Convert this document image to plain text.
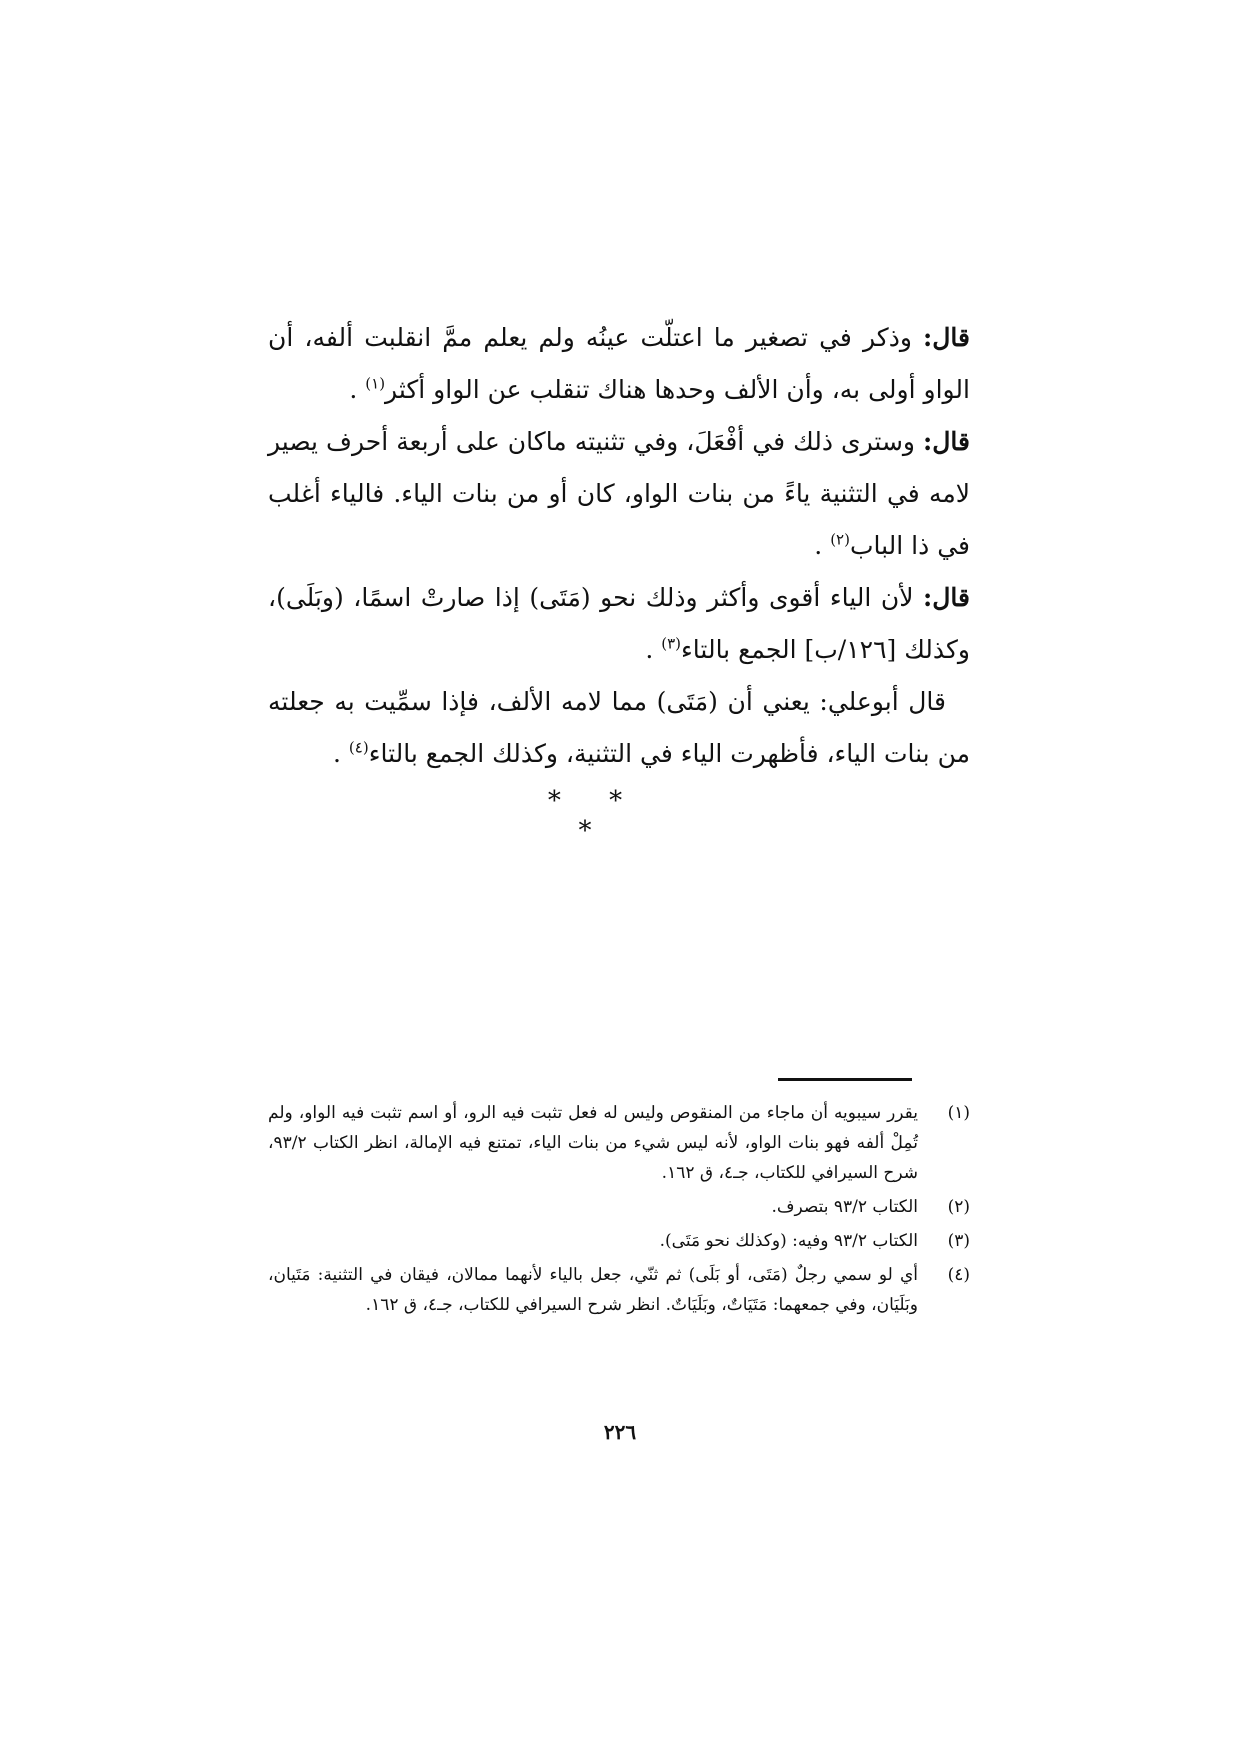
قال: وذكر في تصغير ما اعتلّت عينُه ولم يعلم ممَّ انقلبت ألفه، أن الواو أولى به، وأن الألف وحدها هناك تنقلب عن الواو أكثر$^{(١)}$ .

قال: وسترى ذلك في أفْعَلَ، وفي تثنيته ماكان على أربعة أحرف يصير لامه في التثنية ياءً من بنات الواو، كان أو من بنات الياء. فالياء أغلب في ذا الباب$^{(٢)}$ .

قال: لأن الياء أقوى وأكثر وذلك نحو (مَتَى) إذا صارتْ اسمًا، (وبَلَى)، وكذلك [١٢٦/ب] الجمع بالتاء$^{(٣)}$ .

قال أبوعلي: يعني أن (مَتَى) مما لامه الألف، فإذا سمِّيت به جعلته من بنات الياء، فأظهرت الياء في التثنية، وكذلك الجمع بالتاء$^{(٤)}$ .

* * *
(١)
يقرر سيبويه أن ماجاء من المنقوص وليس له فعل تثبت فيه الرو، أو اسم تثبت فيه الواو، ولم تُمِلْ ألفه فهو بنات الواو، لأنه ليس شيء من بنات الياء، تمتنع فيه الإمالة، انظر الكتاب ٩٣/٢، شرح السيرافي للكتاب، جـ٤، ق ١٦٢.
(٢)
الكتاب ٩٣/٢ بتصرف.
(٣)
الكتاب ٩٣/٢ وفيه: (وكذلك نحو مَتَى).
(٤)
أي لو سمي رجلٌ (مَتَى، أو بَلَى) ثم ثنّي، جعل بالياء لأنهما ممالان، فيقان في التثنية: مَتَيان، وبَلَيَان، وفي جمعهما: مَتَيَاتٌ، وبَلَيَاتٌ. انظر شرح السيرافي للكتاب، جـ٤، ق ١٦٢.
٢٢٦
